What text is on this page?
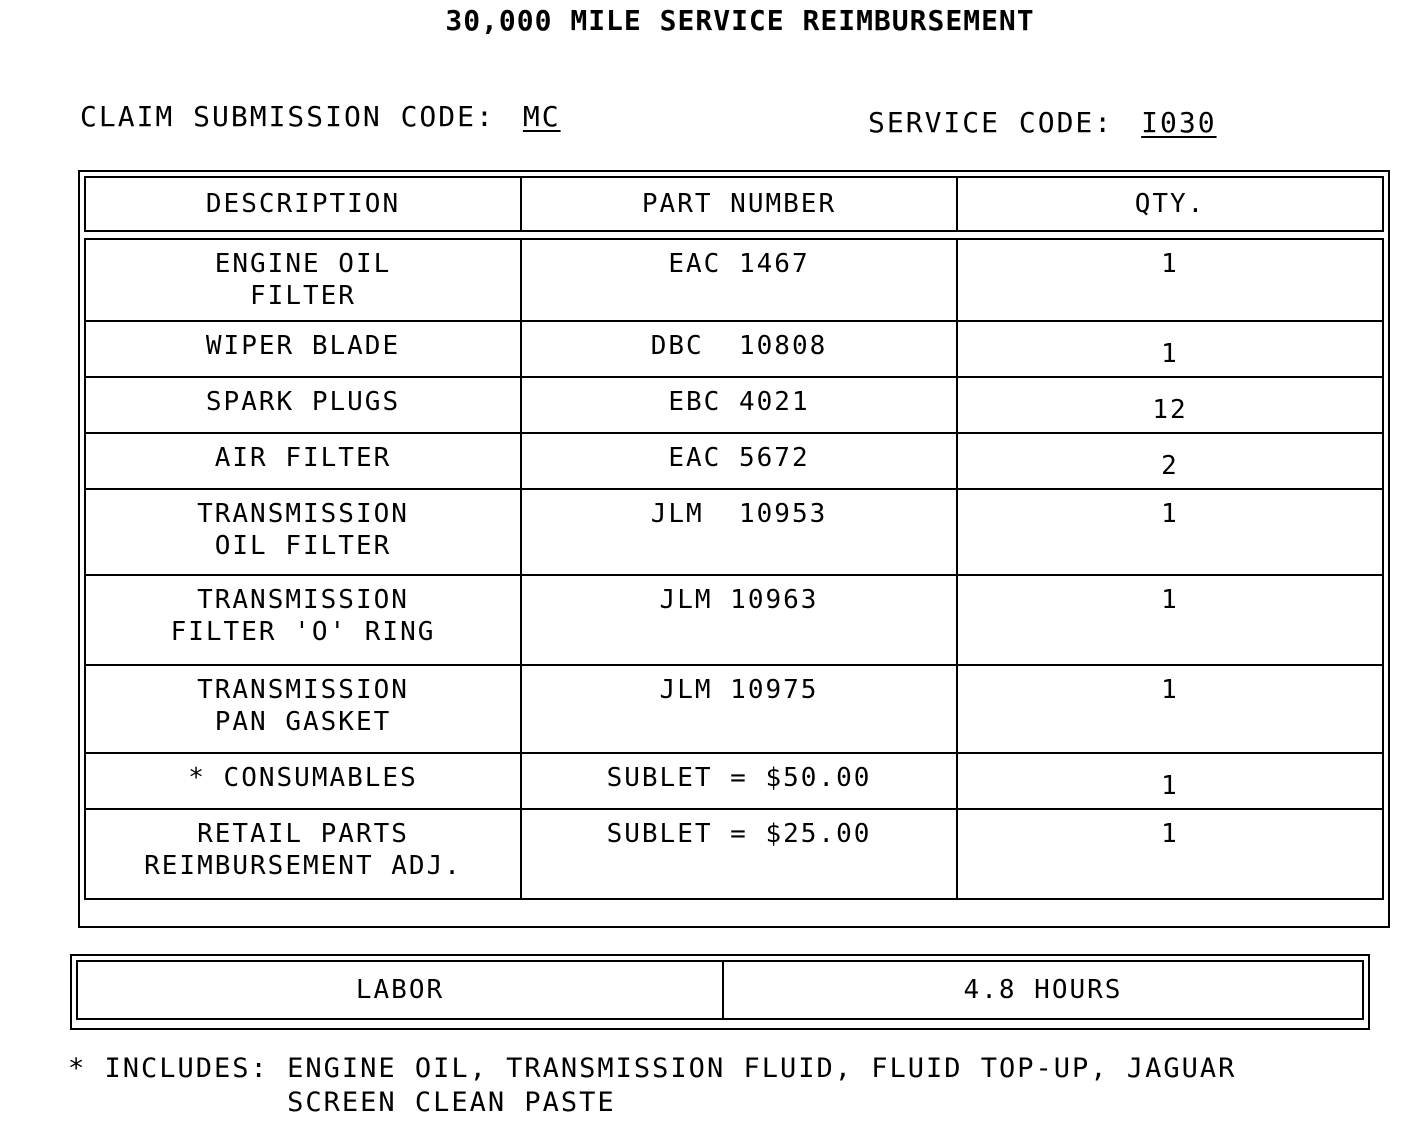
30,000 MILE SERVICE REIMBURSEMENT
CLAIM SUBMISSION CODE: MC	SERVICE CODE: I030
DESCRIPTION	PART NUMBER	QTY.
ENGINE OIL
FILTER	EAC 1467	1

WIPER BLADE	DBC  10808	1

SPARK PLUGS	EBC 4021	12

AIR FILTER	EAC 5672	2

TRANSMISSION
OIL FILTER	JLM  10953	1

TRANSMISSION
FILTER 'O' RING	JLM 10963	1

TRANSMISSION
PAN GASKET	JLM 10975	1

* CONSUMABLES	SUBLET = $50.00	1

RETAIL PARTS
REIMBURSEMENT ADJ.	SUBLET = $25.00	1
LABOR	4.8 HOURS
* INCLUDES: ENGINE OIL, TRANSMISSION FLUID, FLUID TOP-UP, JAGUAR
SCREEN CLEAN PASTE
